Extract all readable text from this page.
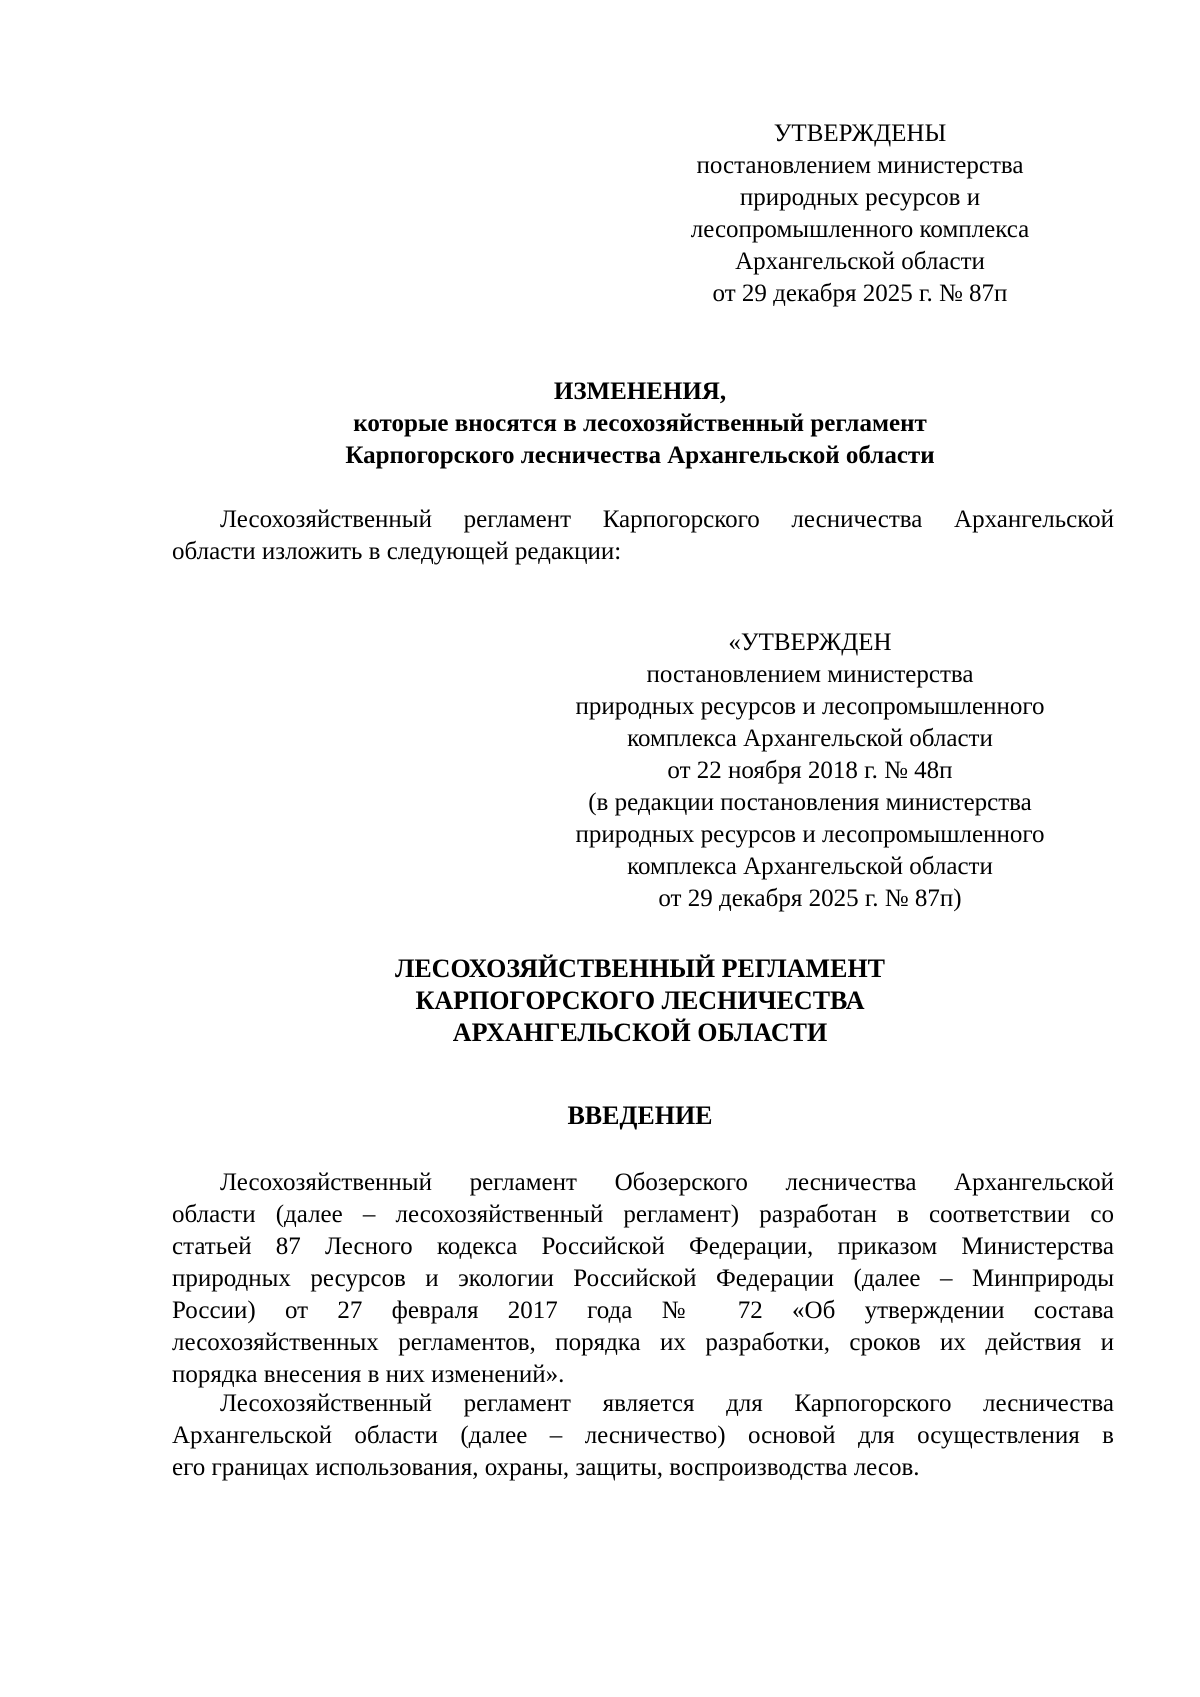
УТВЕРЖДЕНЫ
постановлением министерства
природных ресурсов и
лесопромышленного комплекса
Архангельской области
от 29 декабря 2025 г. № 87п
ИЗМЕНЕНИЯ,
которые вносятся в лесохозяйственный регламент
Карпогорского лесничества Архангельской области
Лесохозяйственный регламент Карпогорского лесничества Архангельской
области изложить в следующей редакции:
«УТВЕРЖДЕН
постановлением министерства
природных ресурсов и лесопромышленного
комплекса Архангельской области
от 22 ноября 2018 г. № 48п
(в редакции постановления министерства
природных ресурсов и лесопромышленного
комплекса Архангельской области
от 29 декабря 2025 г. № 87п)
ЛЕСОХОЗЯЙСТВЕННЫЙ РЕГЛАМЕНТ
КАРПОГОРСКОГО ЛЕСНИЧЕСТВА
АРХАНГЕЛЬСКОЙ ОБЛАСТИ
ВВЕДЕНИЕ
Лесохозяйственный регламент Обозерского лесничества Архангельской
области (далее – лесохозяйственный регламент) разработан в соответствии со
статьей 87 Лесного кодекса Российской Федерации, приказом Министерства
природных ресурсов и экологии Российской Федерации (далее – Минприроды
России) от 27 февраля 2017 года № 72 «Об утверждении состава
лесохозяйственных регламентов, порядка их разработки, сроков их действия и
порядка внесения в них изменений».
Лесохозяйственный регламент является для Карпогорского лесничества
Архангельской области (далее – лесничество) основой для осуществления в
его границах использования, охраны, защиты, воспроизводства лесов.
